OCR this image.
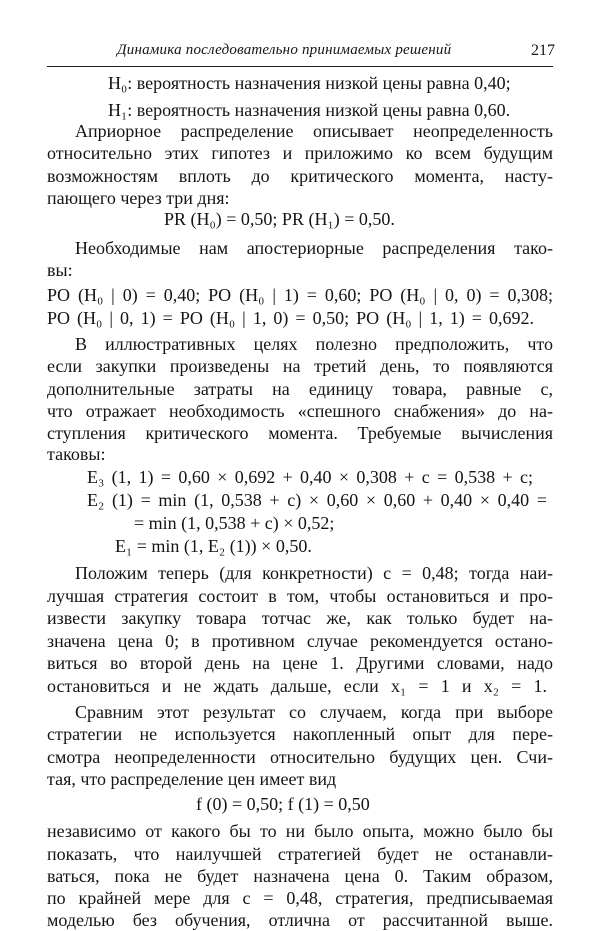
Динамика последовательно принимаемых решений	217
H₀: вероятность назначения низкой цены равна 0,40;
H₁: вероятность назначения низкой цены равна 0,60.
Априорное распределение описывает неопределенность
относительно этих гипотез и приложимо ко всем будущим
возможностям вплоть до критического момента, насту-
пающего через три дня:
PR (H₀) = 0,50; PR (H₁) = 0,50.
Необходимые нам апостериорные распределения тако-
вы:
PO (H₀ | 0) = 0,40; PO (H₀ | 1) = 0,60; PO (H₀ | 0, 0) = 0,308;
PO (H₀ | 0, 1) = PO (H₀ | 1, 0) = 0,50; PO (H₀ | 1, 1) = 0,692.
В иллюстративных целях полезно предположить, что
если закупки произведены на третий день, то появляются
дополнительные затраты на единицу товара, равные c,
что отражает необходимость «спешного снабжения» до на-
ступления критического момента. Требуемые вычисления
таковы:
E₃ (1, 1) = 0,60 × 0,692 + 0,40 × 0,308 + c = 0,538 + c;
E₂ (1) = min (1, 0,538 + c) × 0,60 × 0,60 + 0,40 × 0,40 =
= min (1, 0,538 + c) × 0,52;
E₁ = min (1, E₂ (1)) × 0,50.
Положим теперь (для конкретности) c = 0,48; тогда наи-
лучшая стратегия состоит в том, чтобы остановиться и про-
извести закупку товара тотчас же, как только будет на-
значена цена 0; в противном случае рекомендуется остано-
виться во второй день на цене 1. Другими словами, надо
остановиться и не ждать дальше, если x₁ = 1 и x₂ = 1.
Сравним этот результат со случаем, когда при выборе
стратегии не используется накопленный опыт для пере-
смотра неопределенности относительно будущих цен. Счи-
тая, что распределение цен имеет вид
f (0) = 0,50; f (1) = 0,50
независимо от какого бы то ни было опыта, можно было бы
показать, что наилучшей стратегией будет не останавли-
ваться, пока не будет назначена цена 0. Таким образом,
по крайней мере для c = 0,48, стратегия, предписываемая
моделью без обучения, отлична от рассчитанной выше.
